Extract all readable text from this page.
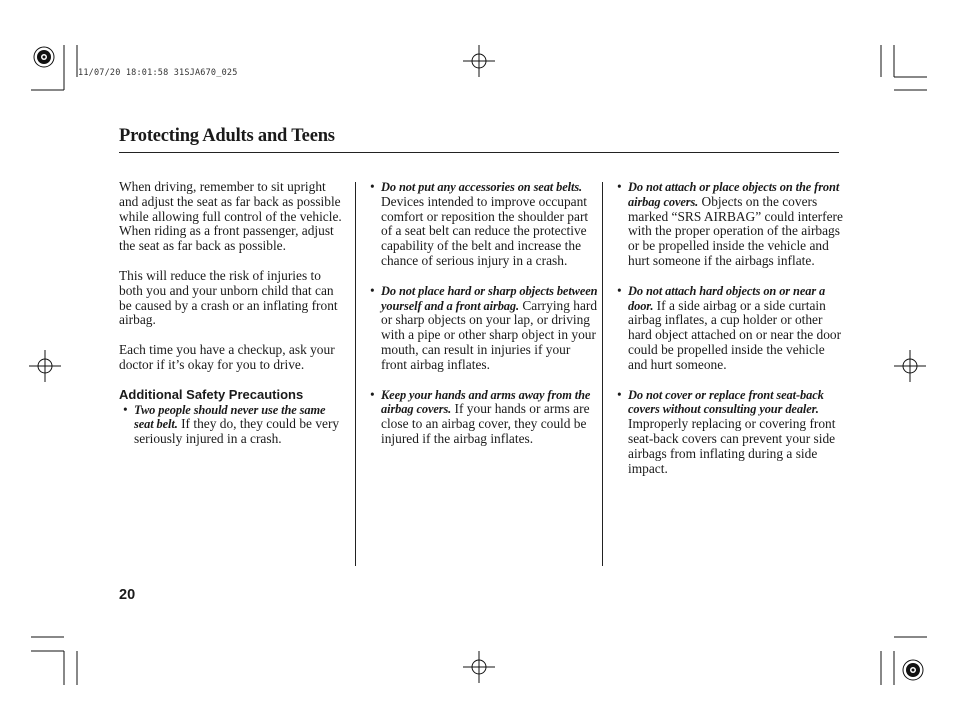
11/07/20 18:01:58 31SJA670_025
Protecting Adults and Teens

When driving, remember to sit upright and adjust the seat as far back as possible while allowing full control of the vehicle. When riding as a front passenger, adjust the seat as far back as possible.

This will reduce the risk of injuries to both you and your unborn child that can be caused by a crash or an inflating front airbag.

Each time you have a checkup, ask your doctor if it’s okay for you to drive.

Additional Safety Precautions
• Two people should never use the same seat belt. If they do, they could be very seriously injured in a crash.
• Do not put any accessories on seat belts. Devices intended to improve occupant comfort or reposition the shoulder part of a seat belt can reduce the protective capability of the belt and increase the chance of serious injury in a crash.
• Do not place hard or sharp objects between yourself and a front airbag. Carrying hard or sharp objects on your lap, or driving with a pipe or other sharp object in your mouth, can result in injuries if your front airbag inflates.
• Keep your hands and arms away from the airbag covers. If your hands or arms are close to an airbag cover, they could be injured if the airbag inflates.
• Do not attach or place objects on the front airbag covers. Objects on the covers marked “SRS AIRBAG” could interfere with the proper operation of the airbags or be propelled inside the vehicle and hurt someone if the airbags inflate.
• Do not attach hard objects on or near a door. If a side airbag or a side curtain airbag inflates, a cup holder or other hard object attached on or near the door could be propelled inside the vehicle and hurt someone.
• Do not cover or replace front seat-back covers without consulting your dealer. Improperly replacing or covering front seat-back covers can prevent your side airbags from inflating during a side impact.
20
